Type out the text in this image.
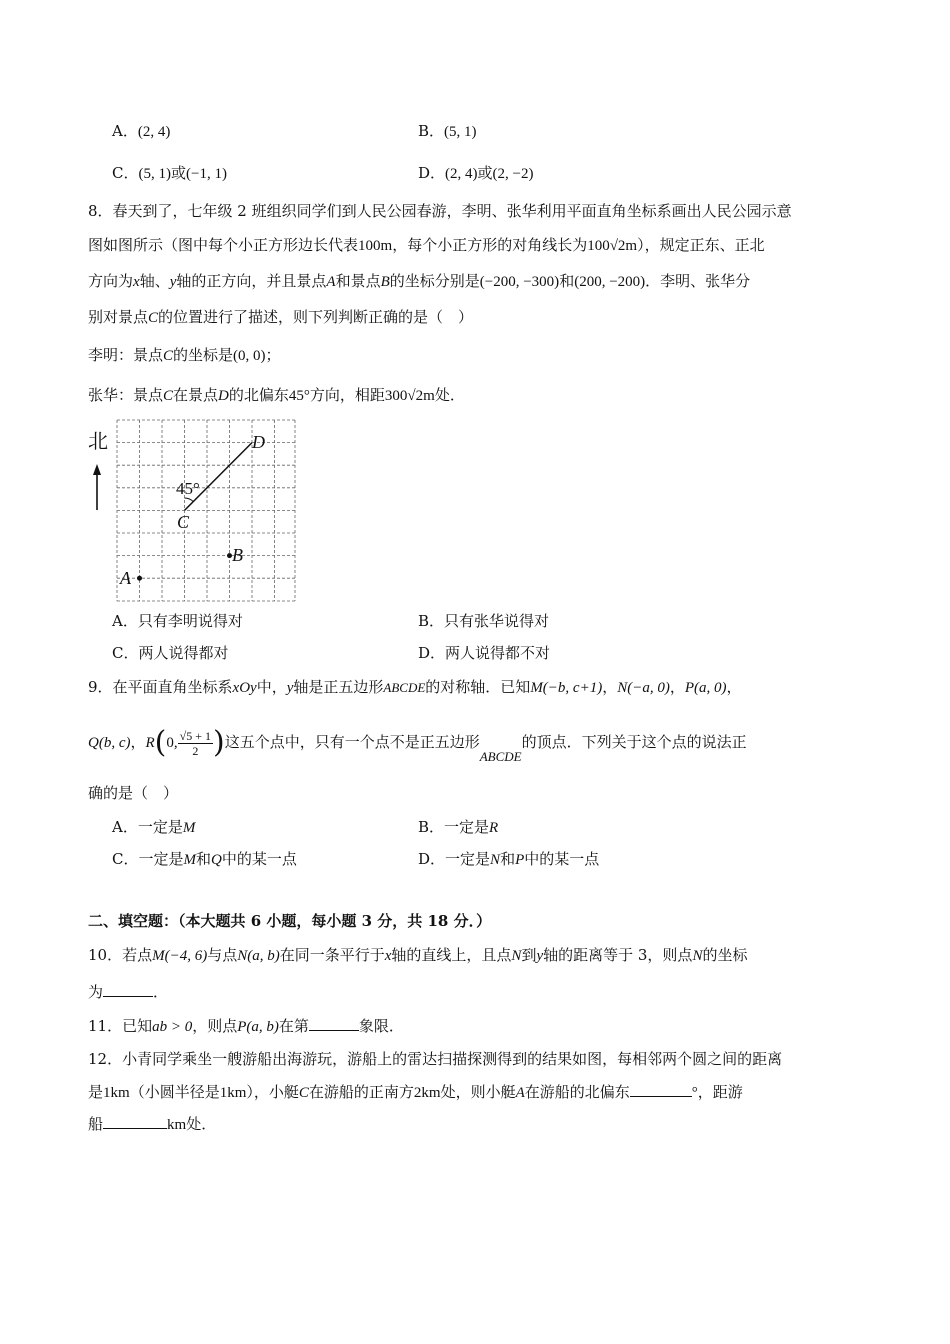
A．(2, 4)	B．(5, 1)
C．(5, 1)或(−1, 1)	D．(2, 4)或(2, −2)
8．春天到了，七年级 2 班组织同学们到人民公园春游，李明、张华利用平面直角坐标系画出人民公园示意
图如图所示（图中每个小正方形边长代表100m，每个小正方形的对角线长为100√2m），规定正东、正北
方向为x轴、y轴的正方向，并且景点A和景点B的坐标分别是(−200, −300)和(200, −200)．李明、张华分
别对景点C的位置进行了描述，则下列判断正确的是（　）
李明：景点C的坐标是(0, 0)；
张华：景点C在景点D的北偏东45°方向，相距300√2m处．
北
45°
C
D
B
A
A．只有李明说得对	B．只有张华说得对
C．两人说得都对	D．两人说得都不对
9．在平面直角坐标系xOy中，y轴是正五边形ABCDE的对称轴．已知M(−b, c+1)，N(−a, 0)，P(a, 0)，
Q(b, c)，R(0, $\frac{√5 + 1}{2}$ )这五个点中，只有一个点不是正五边形ABCDE的顶点．下列关于这个点的说法正
确的是（　）
A．一定是M	B．一定是R
C．一定是M和Q中的某一点	D．一定是N和P中的某一点
二、填空题：（本大题共 6 小题，每小题 3 分，共 18 分．）
10．若点M(−4, 6)与点N(a, b)在同一条平行于x轴的直线上，且点N到y轴的距离等于 3，则点N的坐标
为	．
11．已知ab > 0，则点P(a, b)在第	象限．
12．小青同学乘坐一艘游船出海游玩，游船上的雷达扫描探测得到的结果如图，每相邻两个圆之间的距离
是1km（小圆半径是1km），小艇C在游船的正南方2km处，则小艇A在游船的北偏东	°，距游
船	km处．
